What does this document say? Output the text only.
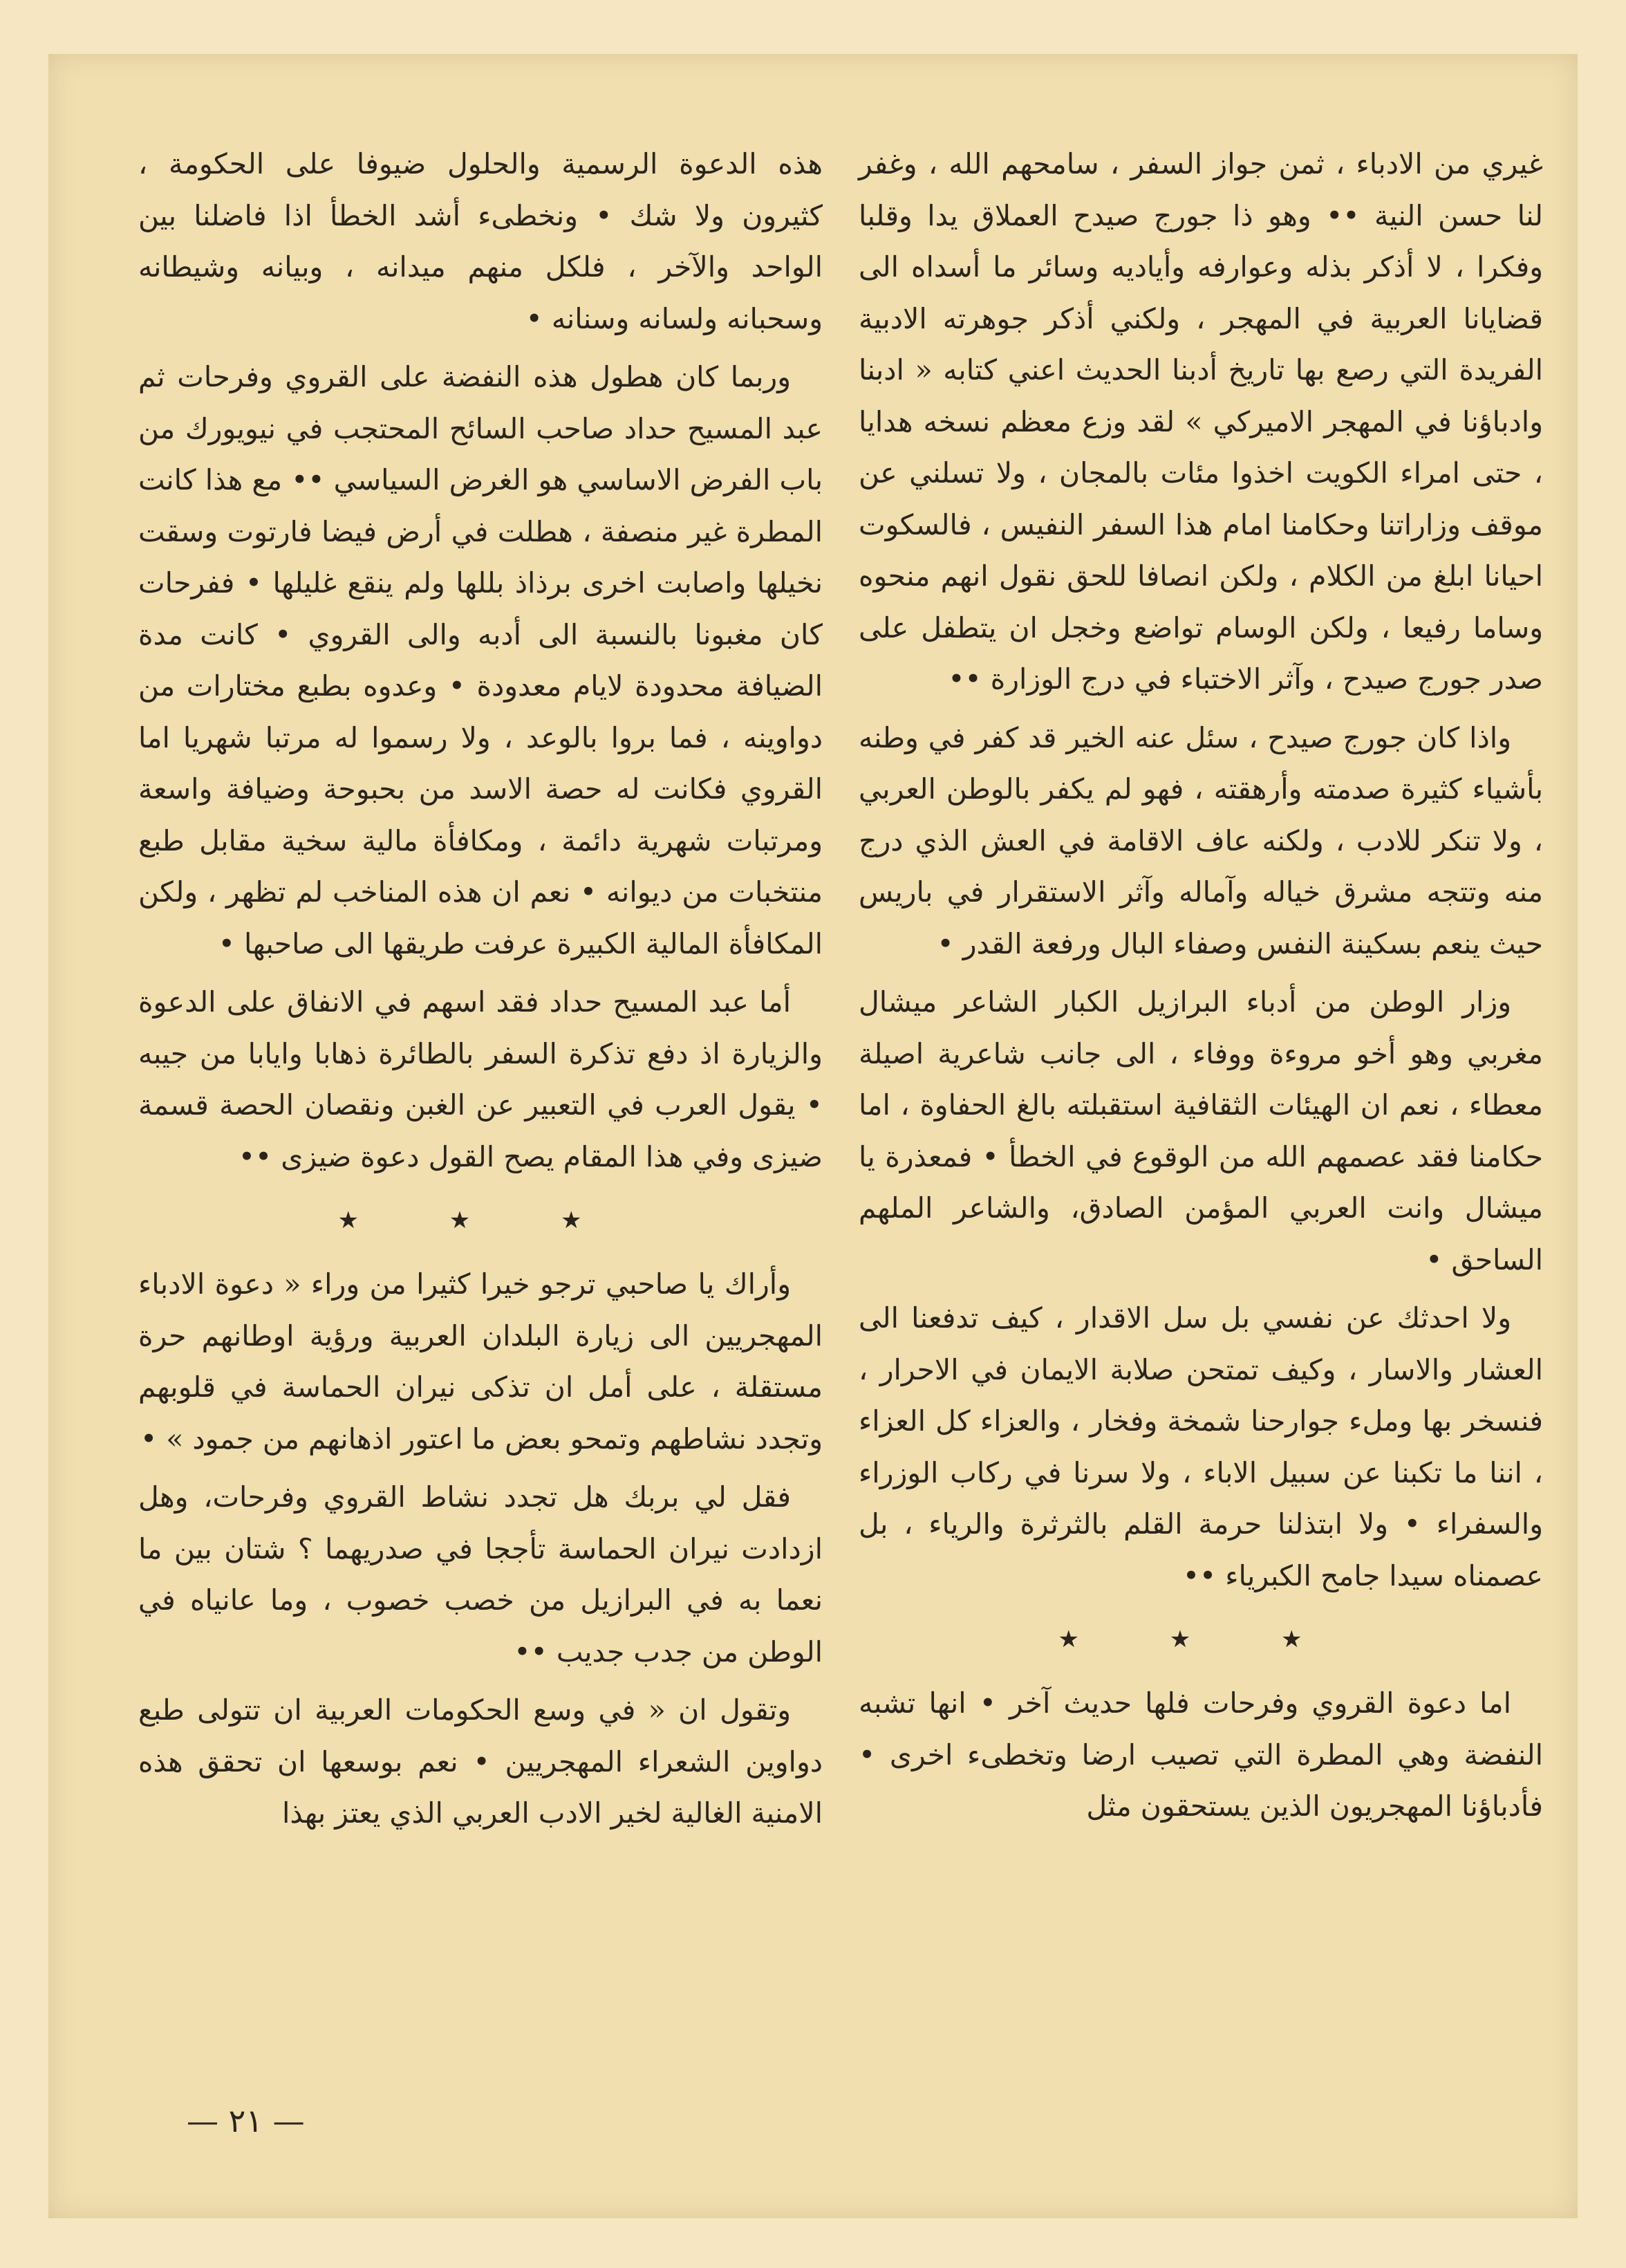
غيري من الادباء ، ثمن جواز السفر ، سامحهم الله ، وغفر لنا حسن النية •• وهو ذا جورج صيدح العملاق يدا وقلبا وفكرا ، لا أذكر بذله وعوارفه وأياديه وسائر ما أسداه الى قضايانا العربية في المهجر ، ولكني أذكر جوهرته الادبية الفريدة التي رصع بها تاريخ أدبنا الحديث اعني كتابه « ادبنا وادباؤنا في المهجر الاميركي » لقد وزع معظم نسخه هدايا ، حتى امراء الكويت اخذوا مئات بالمجان ، ولا تسلني عن موقف وزاراتنا وحكامنا امام هذا السفر النفيس ، فالسكوت احيانا ابلغ من الكلام ، ولكن انصافا للحق نقول انهم منحوه وساما رفيعا ، ولكن الوسام تواضع وخجل ان يتطفل على صدر جورج صيدح ، وآثر الاختباء في درج الوزارة ••

واذا كان جورج صيدح ، سئل عنه الخير قد كفر في وطنه بأشياء كثيرة صدمته وأرهقته ، فهو لم يكفر بالوطن العربي ، ولا تنكر للادب ، ولكنه عاف الاقامة في العش الذي درج منه وتتجه مشرق خياله وآماله وآثر الاستقرار في باريس حيث ينعم بسكينة النفس وصفاء البال ورفعة القدر •

وزار الوطن من أدباء البرازيل الكبار الشاعر ميشال مغربي وهو أخو مروءة ووفاء ، الى جانب شاعرية اصيلة معطاء ، نعم ان الهيئات الثقافية استقبلته بالغ الحفاوة ، اما حكامنا فقد عصمهم الله من الوقوع في الخطأ • فمعذرة يا ميشال وانت العربي المؤمن الصادق، والشاعر الملهم الساحق •

ولا احدثك عن نفسي بل سل الاقدار ، كيف تدفعنا الى العشار والاسار ، وكيف تمتحن صلابة الايمان في الاحرار ، فنسخر بها وملء جوارحنا شمخة وفخار ، والعزاء كل العزاء ، اننا ما تكبنا عن سبيل الاباء ، ولا سرنا في ركاب الوزراء والسفراء • ولا ابتذلنا حرمة القلم بالثرثرة والرياء ، بل عصمناه سيدا جامح الكبرياء ••

★ ★ ★

اما دعوة القروي وفرحات فلها حديث آخر • انها تشبه النفضة وهي المطرة التي تصيب ارضا وتخطىء اخرى • فأدباؤنا المهجريون الذين يستحقون مثل

هذه الدعوة الرسمية والحلول ضيوفا على الحكومة ، كثيرون ولا شك • ونخطىء أشد الخطأ اذا فاضلنا بين الواحد والآخر ، فلكل منهم ميدانه ، وبيانه وشيطانه وسحبانه ولسانه وسنانه •

وربما كان هطول هذه النفضة على القروي وفرحات ثم عبد المسيح حداد صاحب السائح المحتجب في نيويورك من باب الفرض الاساسي هو الغرض السياسي •• مع هذا كانت المطرة غير منصفة ، هطلت في أرض فيضا فارتوت وسقت نخيلها واصابت اخرى برذاذ بللها ولم ينقع غليلها • ففرحات كان مغبونا بالنسبة الى أدبه والى القروي • كانت مدة الضيافة محدودة لايام معدودة • وعدوه بطبع مختارات من دواوينه ، فما بروا بالوعد ، ولا رسموا له مرتبا شهريا اما القروي فكانت له حصة الاسد من بحبوحة وضيافة واسعة ومرتبات شهرية دائمة ، ومكافأة مالية سخية مقابل طبع منتخبات من ديوانه • نعم ان هذه المناخب لم تظهر ، ولكن المكافأة المالية الكبيرة عرفت طريقها الى صاحبها •

أما عبد المسيح حداد فقد اسهم في الانفاق على الدعوة والزيارة اذ دفع تذكرة السفر بالطائرة ذهابا وايابا من جيبه • يقول العرب في التعبير عن الغبن ونقصان الحصة قسمة ضيزى وفي هذا المقام يصح القول دعوة ضيزى ••

★ ★ ★

وأراك يا صاحبي ترجو خيرا كثيرا من وراء « دعوة الادباء المهجريين الى زيارة البلدان العربية ورؤية اوطانهم حرة مستقلة ، على أمل ان تذكى نيران الحماسة في قلوبهم وتجدد نشاطهم وتمحو بعض ما اعتور اذهانهم من جمود » •

فقل لي بربك هل تجدد نشاط القروي وفرحات، وهل ازدادت نيران الحماسة تأججا في صدريهما ؟ شتان بين ما نعما به في البرازيل من خصب خصوب ، وما عانياه في الوطن من جدب جديب ••

وتقول ان « في وسع الحكومات العربية ان تتولى طبع دواوين الشعراء المهجريين • نعم بوسعها ان تحقق هذه الامنية الغالية لخير الادب العربي الذي يعتز بهذا

— ٢١ —
